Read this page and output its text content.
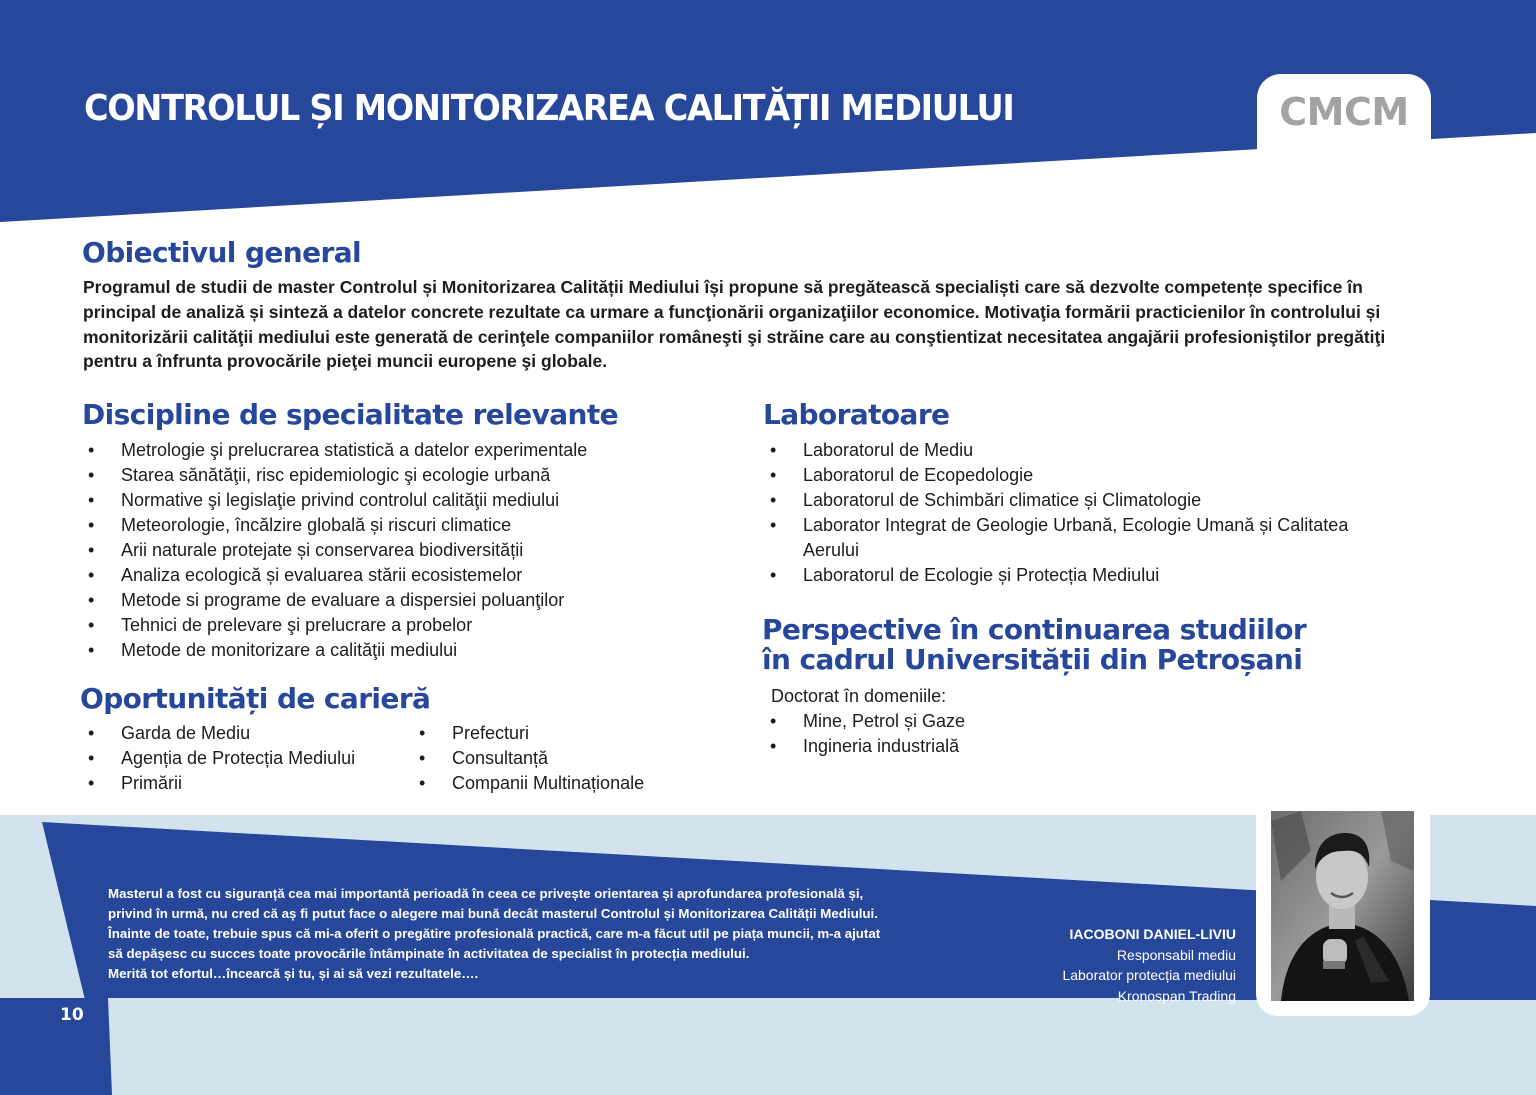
CONTROLUL ȘI MONITORIZAREA CALITĂȚII MEDIULUI	CMCM
Obiectivul general

Programul de studii de master Controlul și Monitorizarea Calității Mediului își propune să pregătească specialiști care să dezvolte competențe specifice în principal de analiză și sinteză a datelor concrete rezultate ca urmare a funcţionării organizaţiilor economice. Motivaţia formării practicienilor în controlului și monitorizării calităţii mediului este generată de cerinţele companiilor româneşti şi străine care au conştientizat necesitatea angajării profesioniştilor pregătiţi pentru a înfrunta provocările pieţei muncii europene şi globale.

Discipline de specialitate relevante
• Metrologie şi prelucrarea statistică a datelor experimentale
• Starea sănătăţii, risc epidemiologic şi ecologie urbană
• Normative şi legislaţie privind controlul calităţii mediului
• Meteorologie, încălzire globală și riscuri climatice
• Arii naturale protejate și conservarea biodiversității
• Analiza ecologică și evaluarea stării ecosistemelor
• Metode si programe de evaluare a dispersiei poluanţilor
• Tehnici de prelevare şi prelucrare a probelor
• Metode de monitorizare a calităţii mediului
Oportunități de carieră
• Garda de Mediu
• Agenția de Protecția Mediului
• Primării
• Prefecturi
• Consultanță
• Companii Multinaționale
Laboratoare
• Laboratorul de Mediu
• Laboratorul de Ecopedologie
• Laboratorul de Schimbări climatice și Climatologie
• Laborator Integrat de Geologie Urbană, Ecologie Umană și Calitatea Aerului
• Laboratorul de Ecologie și Protecția Mediului
Perspective în continuarea studiilor
în cadrul Universității din Petroșani

Doctorat în domeniile:

• Mine, Petrol și Gaze
• Ingineria industrială
Masterul a fost cu siguranță cea mai importantă perioadă în ceea ce privește orientarea și aprofundarea profesională și,
privind în urmă, nu cred că aș fi putut face o alegere mai bună decât masterul Controlul și Monitorizarea Calității Mediului.
Înainte de toate, trebuie spus că mi-a oferit o pregătire profesională practică, care m-a făcut util pe piața muncii, m-a ajutat
să depășesc cu succes toate provocările întâmpinate în activitatea de specialist în protecția mediului.
Merită tot efortul…încearcă și tu, și ai să vezi rezultatele….
IACOBONI DANIEL-LIVIU
Responsabil mediu
Laborator protecția mediului
Kronospan Trading
10
